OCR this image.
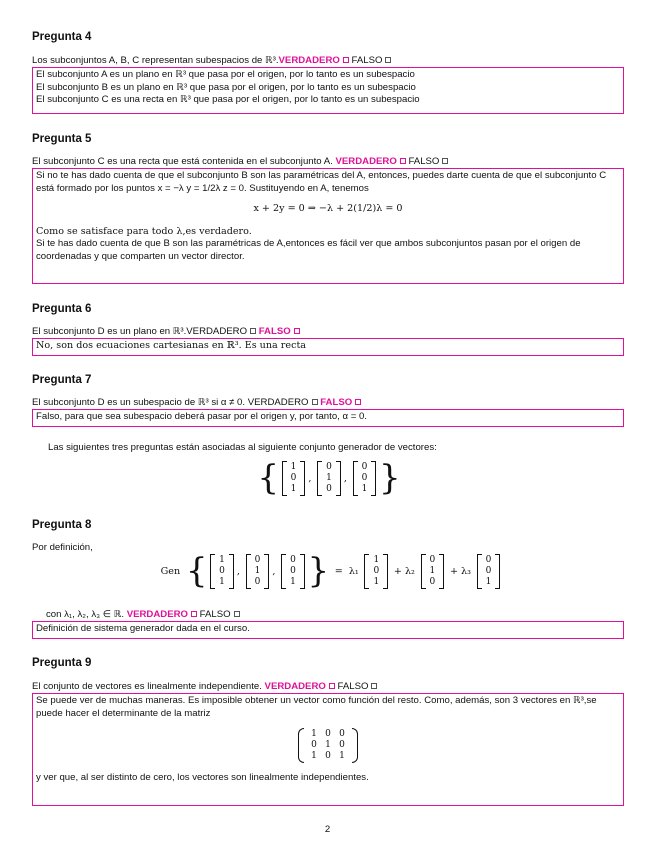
Pregunta 4
Los subconjuntos A, B, C representan subespacios de ℝ³.VERDADERO FALSO
El subconjunto A es un plano en ℝ³ que pasa por el origen, por lo tanto es un subespacio
El subconjunto B es un plano en ℝ³ que pasa por el origen, por lo tanto es un subespacio
El subconjunto C es una recta en ℝ³ que pasa por el origen, por lo tanto es un subespacio
Pregunta 5
El subconjunto C es una recta que está contenida en el subconjunto A. VERDADERO FALSO
Si no te has dado cuenta de que el subconjunto B son las paramétricas del A, entonces, puedes darte cuenta de que el subconjunto C está formado por los puntos x = −λ y = 1/2λ z = 0. Sustituyendo en A, tenemos
x + 2y = 0 ⇒ −λ + 2(1/2)λ = 0
Como se satisface para todo λ,es verdadero.
Si te has dado cuenta de que B son las paramétricas de A,entonces es fácil ver que ambos subconjuntos pasan por el origen de coordenadas y que comparten un vector director.
Pregunta 6
El subconjunto D es un plano en ℝ³.VERDADERO FALSO
No, son dos ecuaciones cartesianas en ℝ³. Es una recta
Pregunta 7
El subconjunto D es un subespacio de ℝ³ si α ≠ 0. VERDADERO FALSO
Falso, para que sea subespacio deberá pasar por el origen y, por tanto, α = 0.
Las siguientes tres preguntas están asociadas al siguiente conjunto generador de vectores:
{ 1
0
1
,
0
1
0
,
0
0
1 }
Pregunta 8
Por definición,
Gen { 1
0
1
,
0
1
0
,
0
0
1 } = λ₁
1
0
1
+ λ₂
0
1
0
+ λ₃
0
0
1
con λ₁, λ₂, λ₃ ∈ ℝ. VERDADERO FALSO
Definición de sistema generador dada en el curso.
Pregunta 9
El conjunto de vectores es linealmente independiente. VERDADERO FALSO
Se puede ver de muchas maneras. Es imposible obtener un vector como función del resto. Como, además, son 3 vectores en ℝ³,se puede hacer el determinante de la matriz
1 0 0
0 1 0
1 0 1
y ver que, al ser distinto de cero, los vectores son linealmente independientes.
2
